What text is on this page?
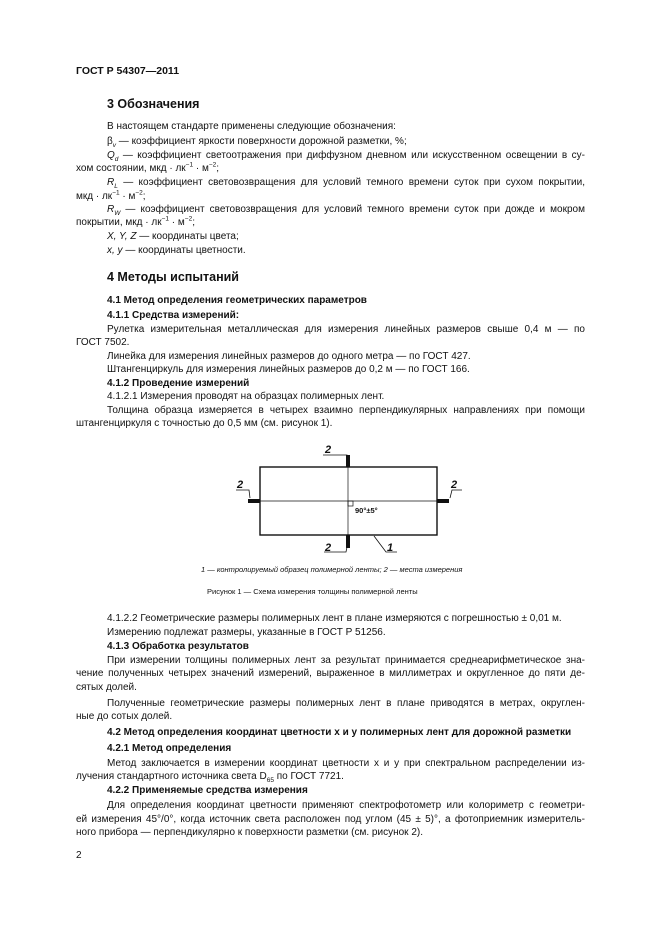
ГОСТ Р 54307—2011
3 Обозначения
В настоящем стандарте применены следующие обозначения:
$\beta_v$ — коэффициент яркости поверхности дорожной разметки, %;
$Q_d$ — коэффициент светоотражения при диффузном дневном или искусственном освещении в су-
хом состоянии, мкд · $лк^{-1} \cdot м^{-2}$;
$R_L$ — коэффициент световозвращения для условий темного времени суток при сухом покрытии,
мкд · $лк^{-1} \cdot м^{-2}$;
$R_W$ — коэффициент световозвращения для условий темного времени суток при дожде и мокром
покрытии, мкд · $лк^{-1} \cdot м^{-2}$;
X, Y, Z — координаты цвета;
x, y — координаты цветности.
4 Методы испытаний
4.1 Метод определения геометрических параметров
4.1.1 Средства измерений:
Рулетка измерительная металлическая для измерения линейных размеров свыше 0,4 м — по
ГОСТ 7502.
Линейка для измерения линейных размеров до одного метра — по ГОСТ 427.
Штангенциркуль для измерения линейных размеров до 0,2 м — по ГОСТ 166.
4.1.2 Проведение измерений
4.1.2.1 Измерения проводят на образцах полимерных лент.
Толщина образца измеряется в четырех взаимно перпендикулярных направлениях при помощи
штангенциркуля с точностью до 0,5 мм (см. рисунок 1).
2
2	2
2	1
90°±5°
1 — контролируемый образец полимерной ленты; 2 — места измерения
Рисунок 1 — Схема измерения толщины полимерной ленты
4.1.2.2 Геометрические размеры полимерных лент в плане измеряются с погрешностью ± 0,01 м.
Измерению подлежат размеры, указанные в ГОСТ Р 51256.
4.1.3 Обработка результатов
При измерении толщины полимерных лент за результат принимается среднеарифметическое зна-
чение полученных четырех значений измерений, выраженное в миллиметрах и округленное до пяти де-
сятых долей.
Полученные геометрические размеры полимерных лент в плане приводятся в метрах, округлен-
ные до сотых долей.
4.2 Метод определения координат цветности x и y полимерных лент для дорожной разметки
4.2.1 Метод определения
Метод заключается в измерении координат цветности x и y при спектральном распределении из-
лучения стандартного источника света $D_{65}$ по ГОСТ 7721.
4.2.2 Применяемые средства измерения
Для определения координат цветности применяют спектрофотометр или колориметр с геометри-
ей измерения 45°/0°, когда источник света расположен под углом (45 ± 5)°, а фотоприемник измеритель-
ного прибора — перпендикулярно к поверхности разметки (см. рисунок 2).
2
